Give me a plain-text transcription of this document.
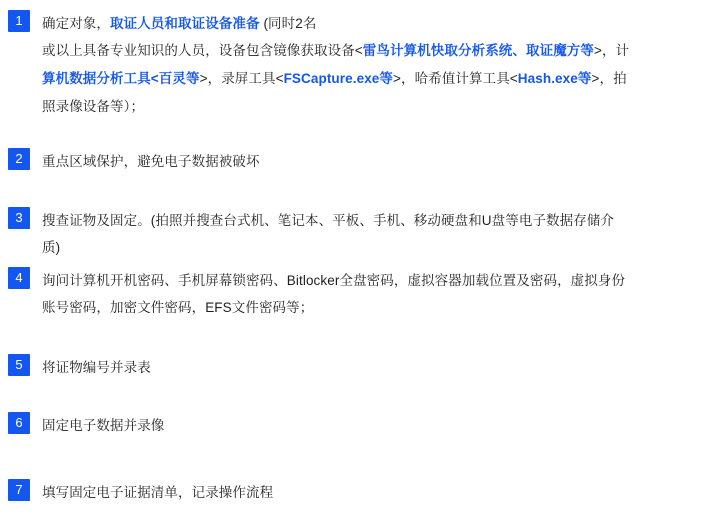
1	确定对象，取证人员和取证设备准备 (同时2名

或以上具备专业知识的人员，设备包含镜像获取设备<雷鸟计算机快取分析系统、取证魔方等>，计

算机数据分析工具<百灵等>，录屏工具<FSCapture.exe等>，哈希值计算工具<Hash.exe等>，拍

照录像设备等）；

2	重点区域保护，避免电子数据被破坏

3	搜查证物及固定。(拍照并搜查台式机、笔记本、平板、手机、移动硬盘和U盘等电子数据存储介

质)

4	询问计算机开机密码、手机屏幕锁密码、Bitlocker全盘密码，虚拟容器加载位置及密码，虚拟身份

账号密码，加密文件密码，EFS文件密码等；

5	将证物编号并录表

6	固定电子数据并录像

7	填写固定电子证据清单，记录操作流程
